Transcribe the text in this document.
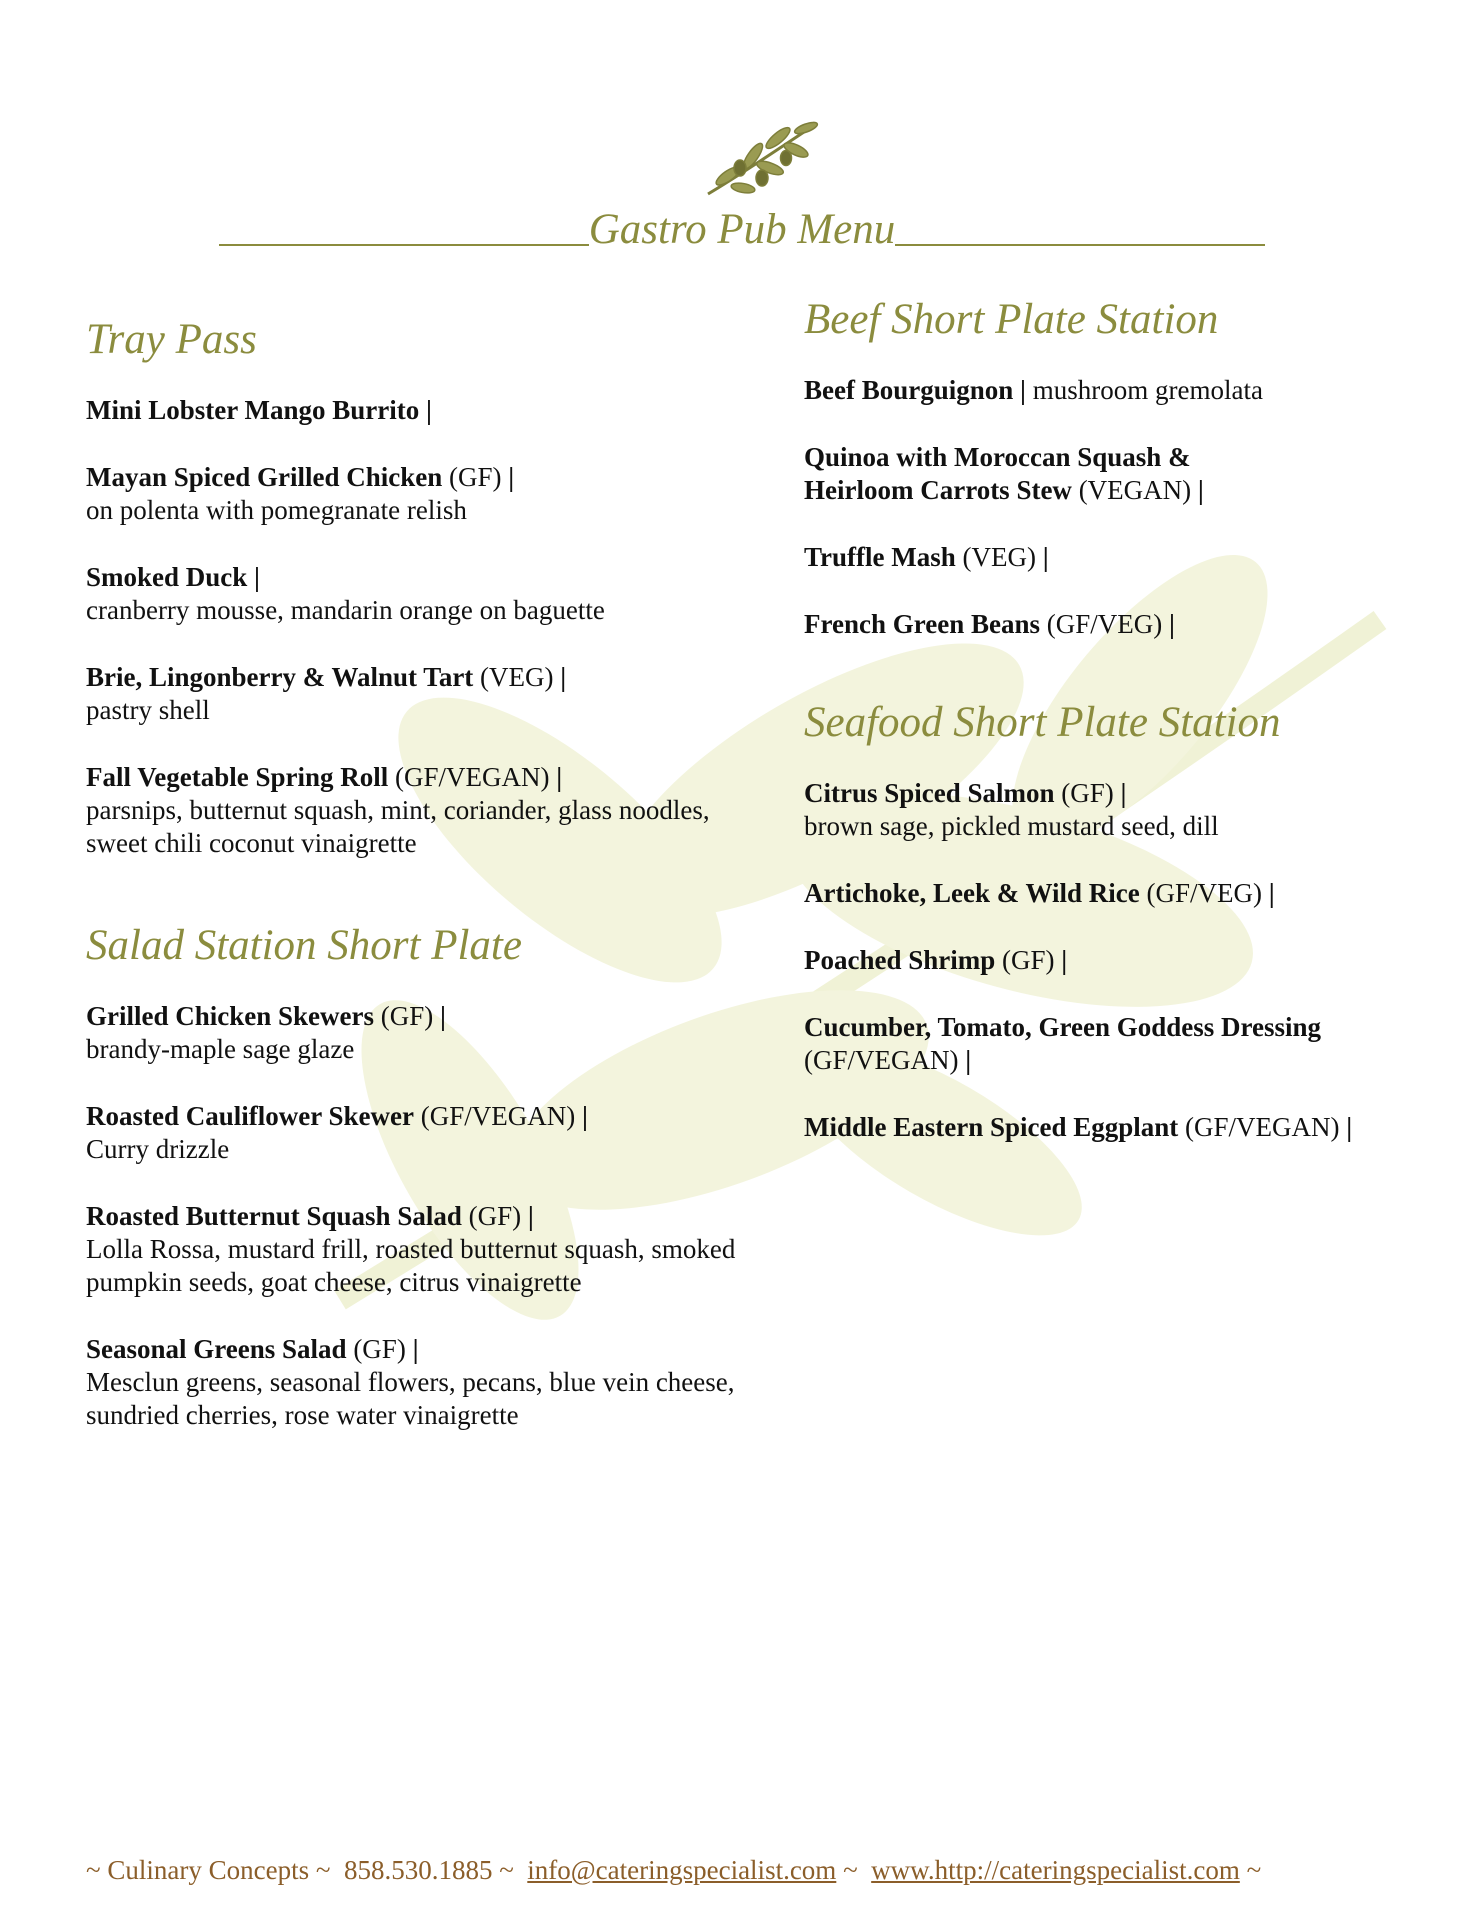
Gastro Pub Menu
Tray Pass
Mini Lobster Mango Burrito |
Mayan Spiced Grilled Chicken (GF) |
on polenta with pomegranate relish
Smoked Duck |
cranberry mousse, mandarin orange on baguette
Brie, Lingonberry & Walnut Tart (VEG) |
pastry shell
Fall Vegetable Spring Roll (GF/VEGAN) |
parsnips, butternut squash, mint, coriander, glass noodles, sweet chili coconut vinaigrette
Salad Station Short Plate
Grilled Chicken Skewers (GF) |
brandy-maple sage glaze
Roasted Cauliflower Skewer (GF/VEGAN) |
Curry drizzle
Roasted Butternut Squash Salad (GF) |
Lolla Rossa, mustard frill, roasted butternut squash, smoked pumpkin seeds, goat cheese, citrus vinaigrette
Seasonal Greens Salad (GF) |
Mesclun greens, seasonal flowers, pecans, blue vein cheese, sundried cherries, rose water vinaigrette
Beef Short Plate Station
Beef Bourguignon | mushroom gremolata
Quinoa with Moroccan Squash & Heirloom Carrots Stew (VEGAN) |
Truffle Mash (VEG) |
French Green Beans (GF/VEG) |
Seafood Short Plate Station
Citrus Spiced Salmon (GF) |
brown sage, pickled mustard seed, dill
Artichoke, Leek & Wild Rice (GF/VEG) |
Poached Shrimp (GF) |
Cucumber, Tomato, Green Goddess Dressing (GF/VEGAN) |
Middle Eastern Spiced Eggplant (GF/VEGAN) |
~ Culinary Concepts ~ 858.530.1885 ~ info@cateringspecialist.com ~ www.http://cateringspecialist.com ~
